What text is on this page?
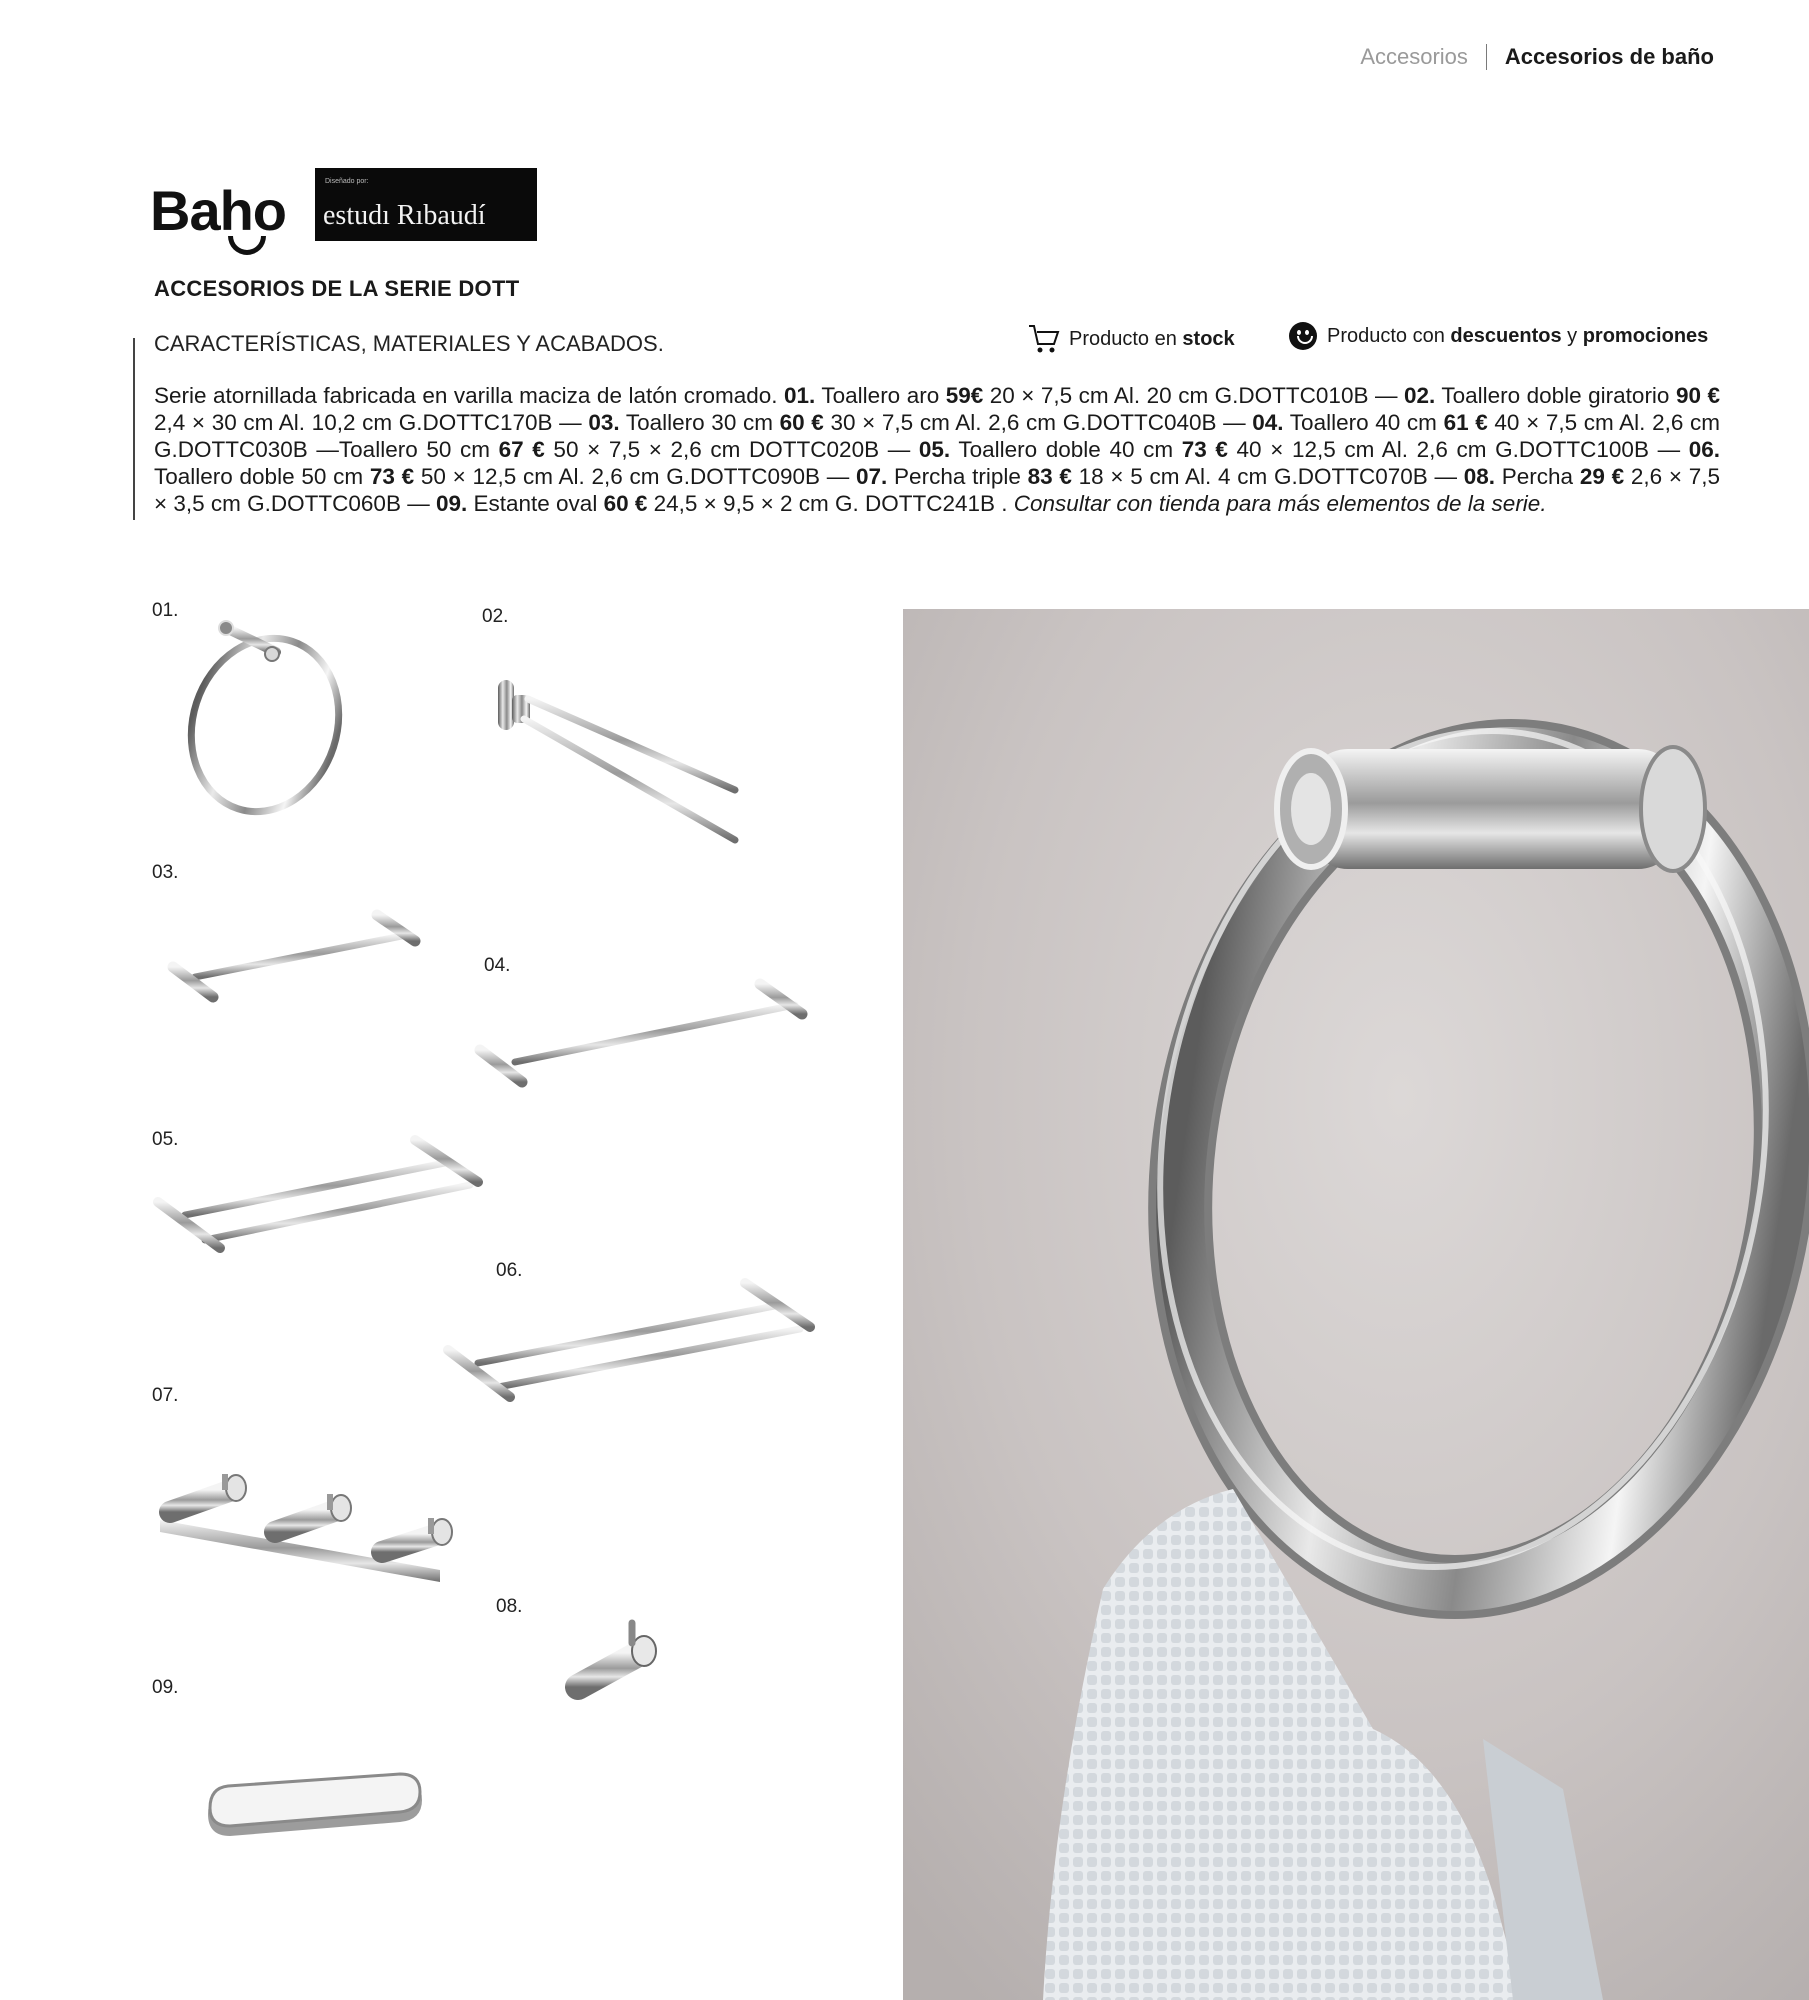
Accesorios Accesorios de baño
Baho	Diseñado por:
estudı Rıbaudí
ACCESORIOS DE LA SERIE DOTT
CARACTERÍSTICAS, MATERIALES Y ACABADOS.	Producto en stock	Producto con descuentos y promociones
Serie atornillada fabricada en varilla maciza de latón cromado. 01. Toallero aro 59€ 20 × 7,5 cm Al. 20 cm G.DOTTC010B — 02. Toallero doble giratorio 90 € 2,4 × 30 cm Al. 10,2 cm G.DOTTC170B — 03. Toallero 30 cm 60 € 30 × 7,5 cm Al. 2,6 cm G.DOTTC040B — 04. Toallero 40 cm 61 € 40 × 7,5 cm Al. 2,6 cm G.DOTTC030B —Toallero 50 cm 67 € 50 × 7,5 × 2,6 cm DOTTC020B — 05. Toallero doble 40 cm 73 € 40 × 12,5 cm Al. 2,6 cm G.DOTTC100B — 06. Toallero doble 50 cm 73 € 50 × 12,5 cm Al. 2,6 cm G.DOTTC090B — 07. Percha triple 83 € 18 × 5 cm Al. 4 cm G.DOTTC070B — 08. Percha 29 € 2,6 × 7,5 × 3,5 cm G.DOTTC060B — 09. Estante oval 60 € 24,5 × 9,5 × 2 cm G. DOTTC241B . Consultar con tienda para más elementos de la serie.
01.	02.
03.
04.
05.
06.
07.
08.
09.
